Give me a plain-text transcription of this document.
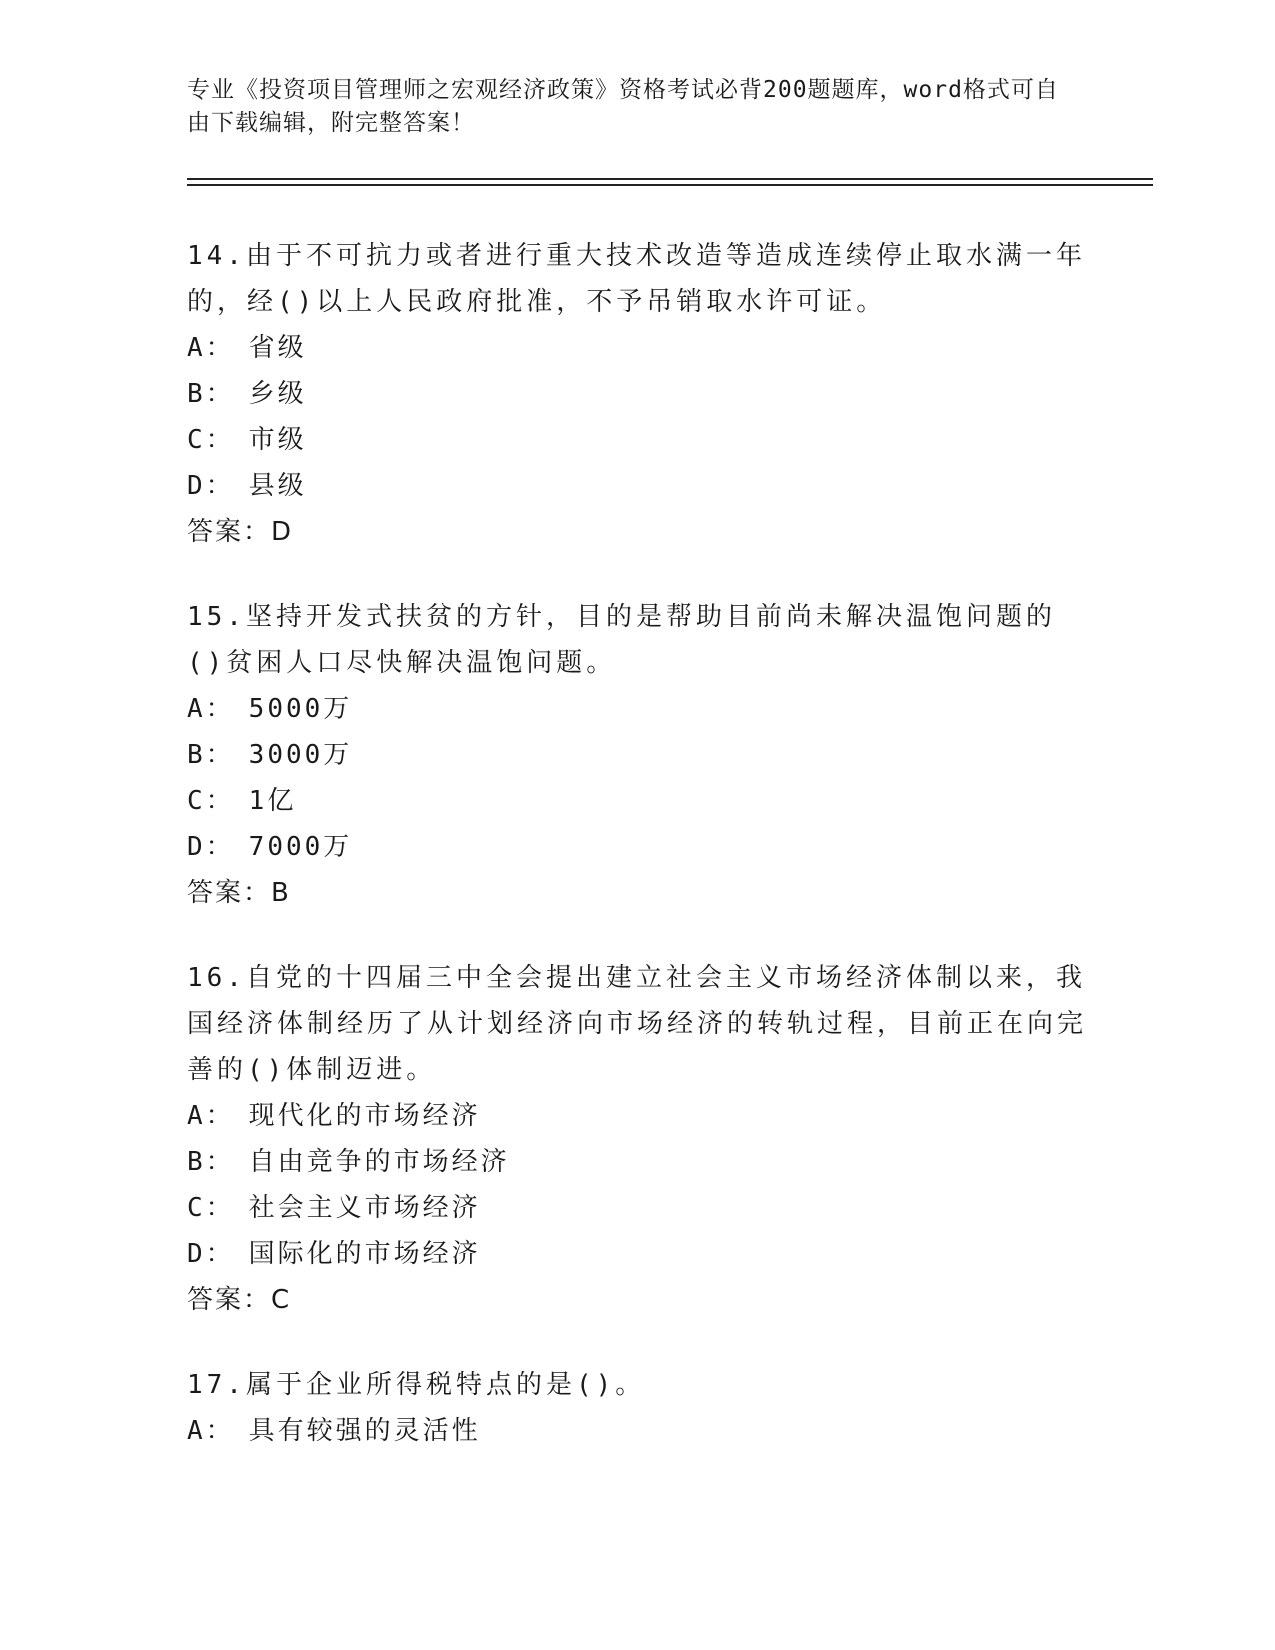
专业《投资项目管理师之宏观经济政策》资格考试必背200题题库，word格式可自由下载编辑，附完整答案！

14.由于不可抗力或者进行重大技术改造等造成连续停止取水满一年的，经()以上人民政府批准，不予吊销取水许可证。

A： 省级

B： 乡级

C： 市级

D： 县级

答案：D

15.坚持开发式扶贫的方针，目的是帮助目前尚未解决温饱问题的()贫困人口尽快解决温饱问题。

A： 5000万

B： 3000万

C： 1亿

D： 7000万

答案：B

16.自党的十四届三中全会提出建立社会主义市场经济体制以来，我国经济体制经历了从计划经济向市场经济的转轨过程，目前正在向完善的()体制迈进。

A： 现代化的市场经济

B： 自由竞争的市场经济

C： 社会主义市场经济

D： 国际化的市场经济

答案：C

17.属于企业所得税特点的是()。

A： 具有较强的灵活性
